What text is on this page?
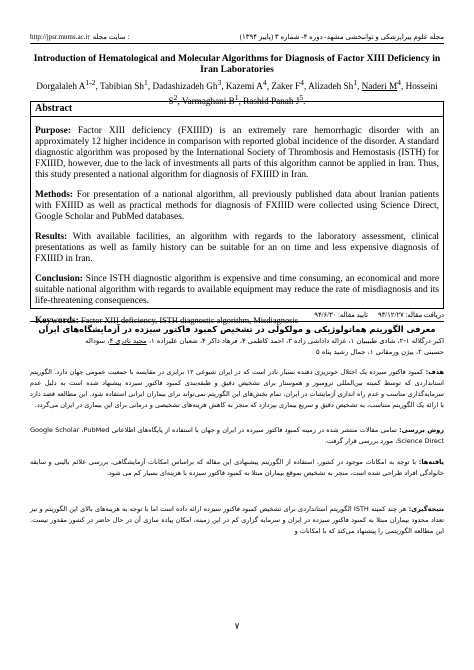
http://jpsr.mums.ac.ir سایت مجله :	مجله علوم پیراپزشکی و توانبخشی مشهد- دوره ۴- شماره ۳ (پاییز ۱۳۹۴)
Introduction of Hematological and Molecular Algorithms for Diagnosis of Factor XIII Deficiency in Iran Laboratories
Dorgalaleh $A^{1-2}$, Tabibian Sh$^1$, Dadashizadeh Gh$^3$, Kazemi $A^4$, Zaker $F^4$, Alizadeh Sh$^1$, Naderi $M^4$, Hosseini $S^2$, Varmaghani $B^1$, Rashid Panah $J^5$.
Abstract
Purpose: Factor XIII deficiency (FXIIID) is an extremely rare hemorrhagic disorder with an approximately 12 higher incidence in comparison with reported global incidence of the disorder. A standard diagnostic algorithm was proposed by the International Society of Thrombosis and Hemostasis (ISTH) for FXIIID, however, due to the lack of investments all parts of this algorithm cannot be applied in Iran. Thus, this study presented a national algorithm for diagnosis of FXIIID in Iran.
Methods: For presentation of a national algorithm, all previously published data about Iranian patients with FXIIID as well as practical methods for diagnosis of FXIIID were collected using Science Direct, Google Scholar and PubMed databases.
Results: With available facilities, an algorithm with regards to the laboratory assessment, clinical presentations as well as family history can be suitable for an on time and less expensive diagnosis of FXIIID in Iran.
Conclusion: Since ISTH diagnostic algorithm is expensive and time consuming, an economical and more suitable national algorithm with regards to available equipment may reduce the rate of misdiagnosis and its life-threatening consequences.
Keywords: Factor XIII deficiency, ISTH diagnostic algorithm, Misdiagnosis
دریافت مقاله: ۹۳/۱۲/۲۷
تایید مقاله: ۹۴/۶/۳۰
معرفی الگوریتم هماتولوژیکی و مولکولی در تشخیص کمبود فاکتور سیزده در آزمایشگاه‌های ایران
اکبر درگلاله ۱-۲، شادی طبیبیان ۱، غزاله داداشی زاده ۳، احمد کاظمی ۴، فرهاد ذاکر ۴، شعبان علیزاده ۱، مجید نادری ۴، سوداله
حسینی ۲، بیژن ورمقانی ۱، جمال رشید پناه ۵
هدف: کمبود فاکتور سیزده یک اختلال خونریزی دهنده بسیار نادر است که در ایران شیوعی ۱۲ برابری در مقایسه با جمعیت عمومی جهان دارد. الگوریتم استانداردی که توسط کمیته بین‌المللی ترومبوز و هموستاز برای تشخیص دقیق و طبقه‌بندی کمبود فاکتور سیزده پیشنهاد شده است به دلیل عدم سرمایه‌گذاری مناسب و عدم راه اندازی آزمایشات در ایران، تمام بخش‌های این الگوریتم نمی‌تواند برای بیماران ایرانی استفاده شود. این مطالعه قصد دارد با ارائه یک الگوریتم متناسب، به تشخیص دقیق و سریع بیماری بپردازد که منجر به کاهش هزینه‌های تشخیصی و درمانی برای این بیماری در ایران می‌گردد.
روش بررسی: تمامی مقالات منتشر شده در زمینه کمبود فاکتور سیزده در ایران و جهان با استفاده از پایگاه‌های اطلاعاتی Google Scholar ،PubMed ،Science Direct مورد بررسی قرار گرفت.
یافته‌ها: با توجه به امکانات موجود در کشور، استفاده از الگوریتم پیشنهادی این مقاله که براساس امکانات آزمایشگاهی، بررسی علائم بالینی و سابقه خانوادگی افراد طراحی شده است، منجر به تشخیص بموقع بیماران مبتلا به کمبود فاکتور سیزده با هزینه‌ای بسیار کم می شود.
نتیجه‌گیری: هر چند کمیته ISTH الگوریتم استانداردی برای تشخیص کمبود فاکتور سیزده ارائه داده است اما با توجه به هزینه‌های بالای این الگوریتم و نیز تعداد محدود بیماران مبتلا به کمبود فاکتور سیزده در ایران و سرمایه گزاری کم در این زمینه، امکان پیاده سازی آن در حال حاضر در کشور مقدور نیست. این مطالعه الگوریتمی را پیشنهاد می‌کند که با امکانات و
۷
